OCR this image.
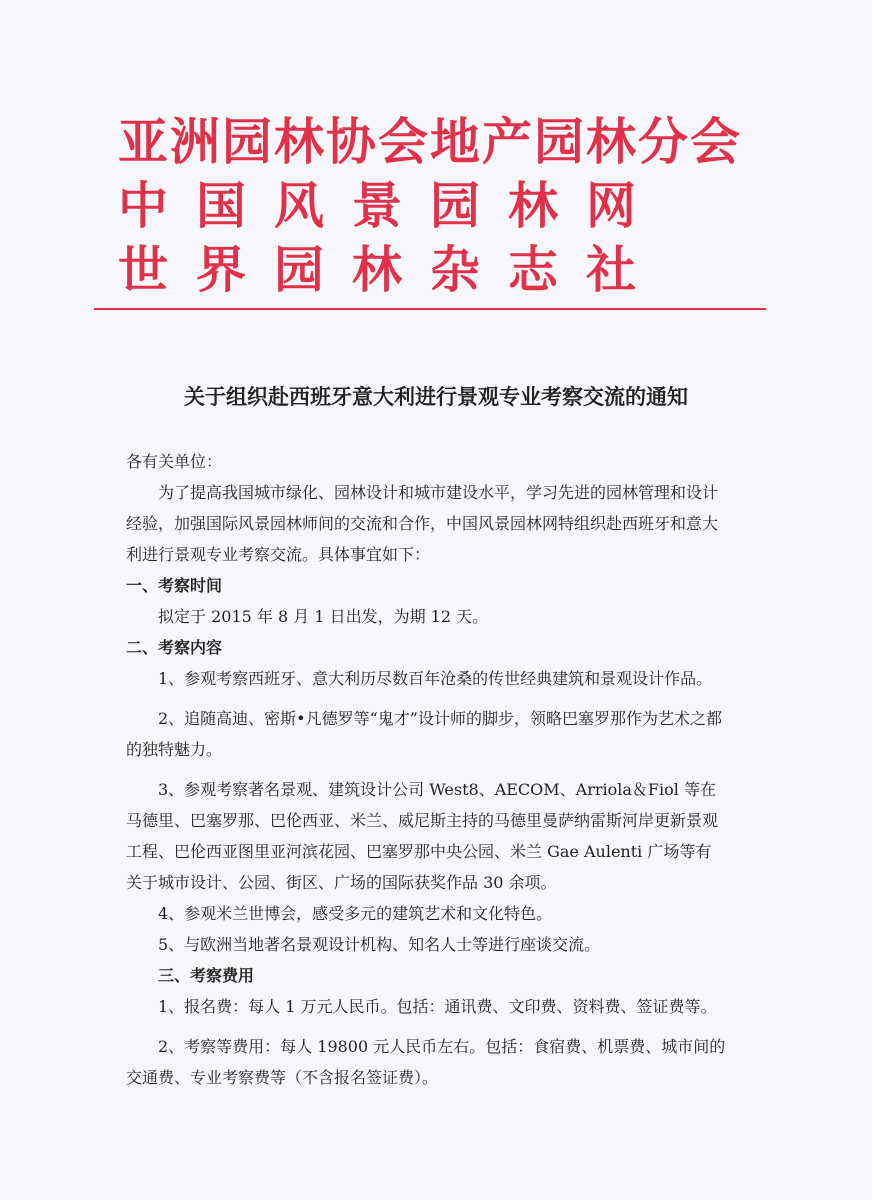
亚洲园林协会地产园林分会
中国风景园林网
世界园林杂志社
关于组织赴西班牙意大利进行景观专业考察交流的通知

各有关单位：

为了提高我国城市绿化、园林设计和城市建设水平，学习先进的园林管理和设计经验，加强国际风景园林师间的交流和合作，中国风景园林网特组织赴西班牙和意大利进行景观专业考察交流。具体事宜如下：

一、考察时间

拟定于 2015 年 8 月 1 日出发，为期 12 天。

二、考察内容

1、参观考察西班牙、意大利历尽数百年沧桑的传世经典建筑和景观设计作品。

2、追随高迪、密斯•凡德罗等“鬼才”设计师的脚步，领略巴塞罗那作为艺术之都的独特魅力。

3、参观考察著名景观、建筑设计公司 West8、AECOM、Arriola＆Fiol 等在马德里、巴塞罗那、巴伦西亚、米兰、威尼斯主持的马德里曼萨纳雷斯河岸更新景观工程、巴伦西亚图里亚河滨花园、巴塞罗那中央公园、米兰 Gae Aulenti 广场等有关于城市设计、公园、街区、广场的国际获奖作品 30 余项。

4、参观米兰世博会，感受多元的建筑艺术和文化特色。

5、与欧洲当地著名景观设计机构、知名人士等进行座谈交流。

三、考察费用

1、报名费：每人 1 万元人民币。包括：通讯费、文印费、资料费、签证费等。

2、考察等费用：每人 19800 元人民币左右。包括：食宿费、机票费、城市间的交通费、专业考察费等（不含报名签证费）。
